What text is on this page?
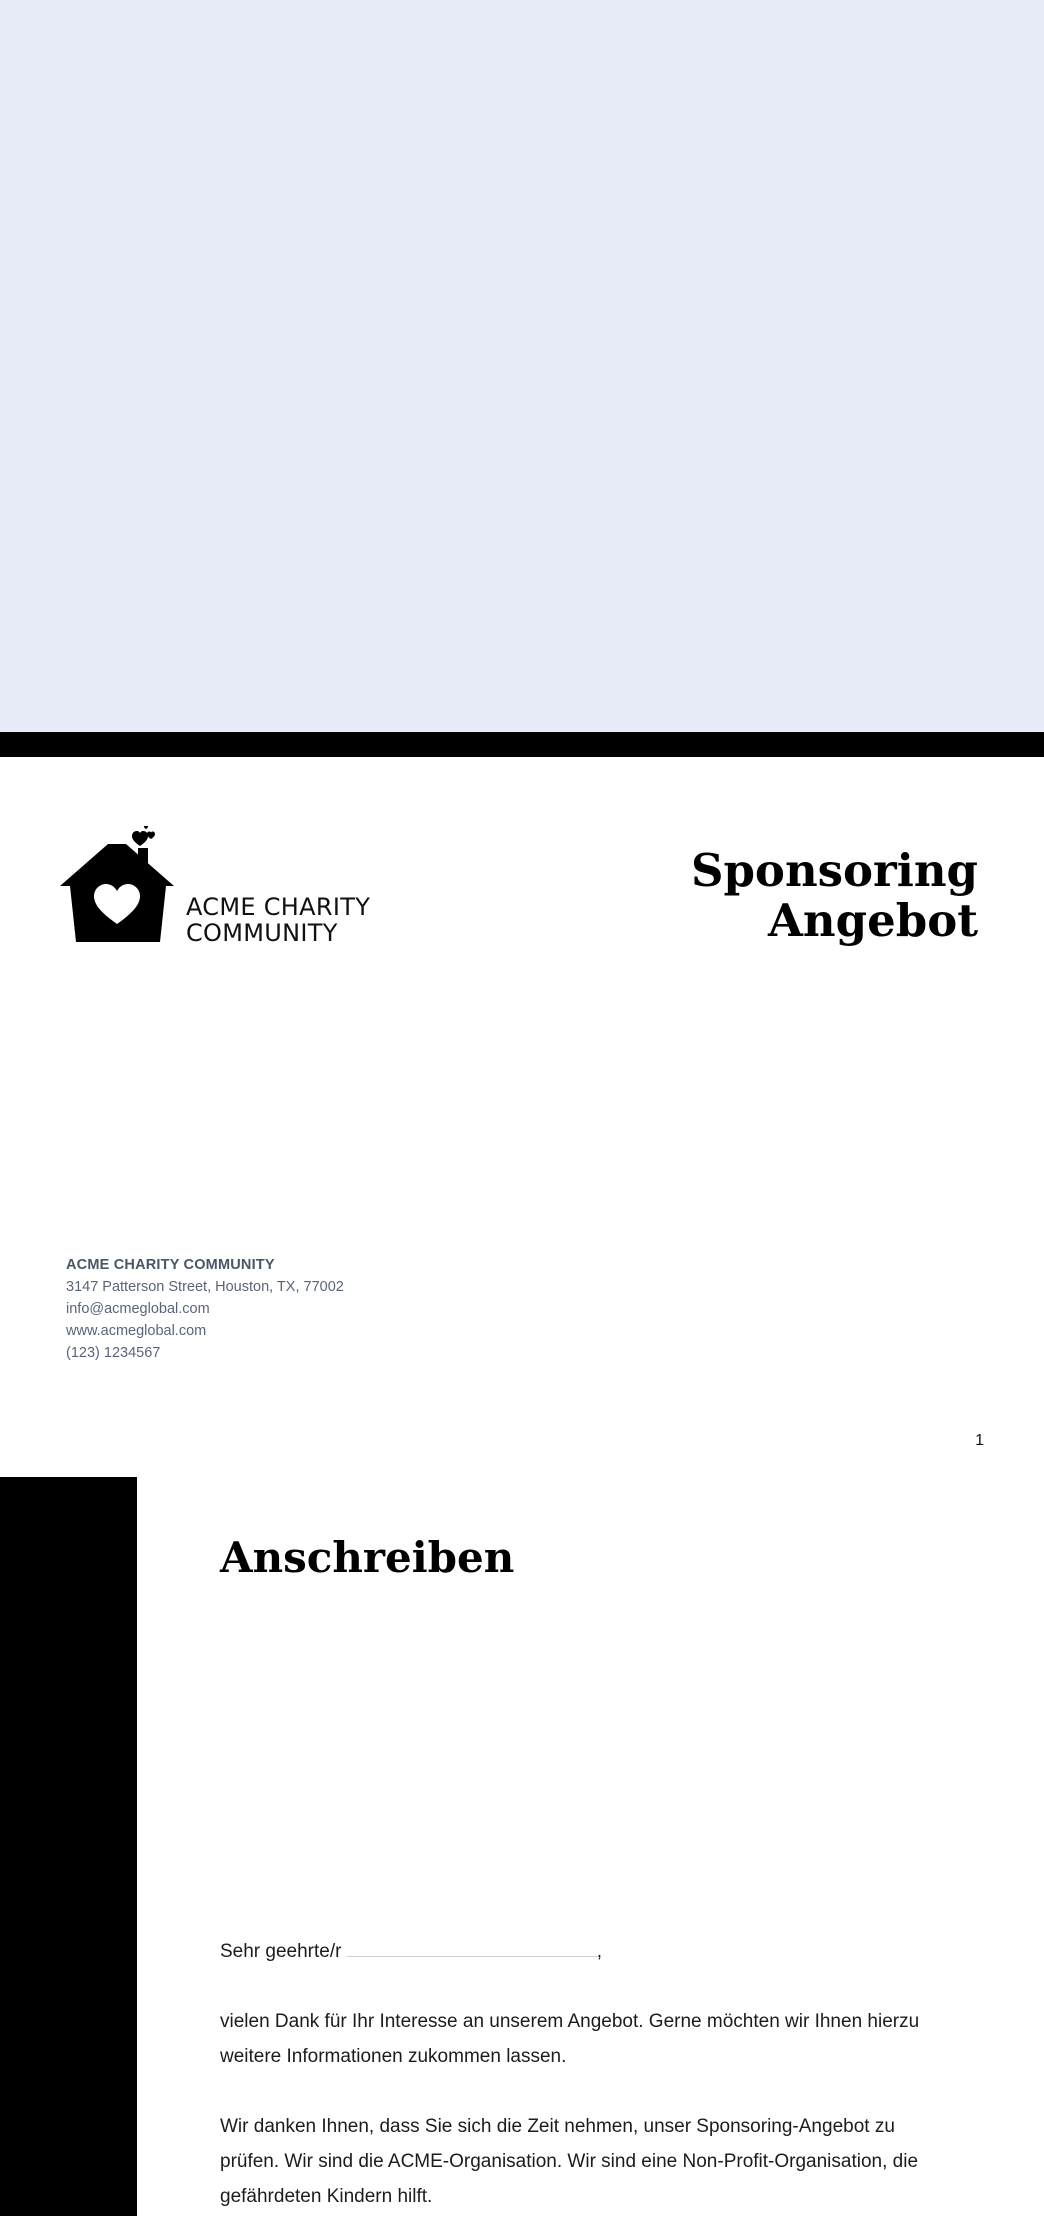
ACME CHARITY
COMMUNITY
Sponsoring
Angebot
ACME CHARITY COMMUNITY
3147 Patterson Street, Houston, TX, 77002
info@acmeglobal.com
www.acmeglobal.com
(123) 1234567
1
Anschreiben
Sehr geehrte/r	,
vielen Dank für Ihr Interesse an unserem Angebot. Gerne möchten wir Ihnen hierzu weitere Informationen zukommen lassen.
Wir danken Ihnen, dass Sie sich die Zeit nehmen, unser Sponsoring-Angebot zu prüfen. Wir sind die ACME-Organisation. Wir sind eine Non-Profit-Organisation, die gefährdeten Kindern hilft.
